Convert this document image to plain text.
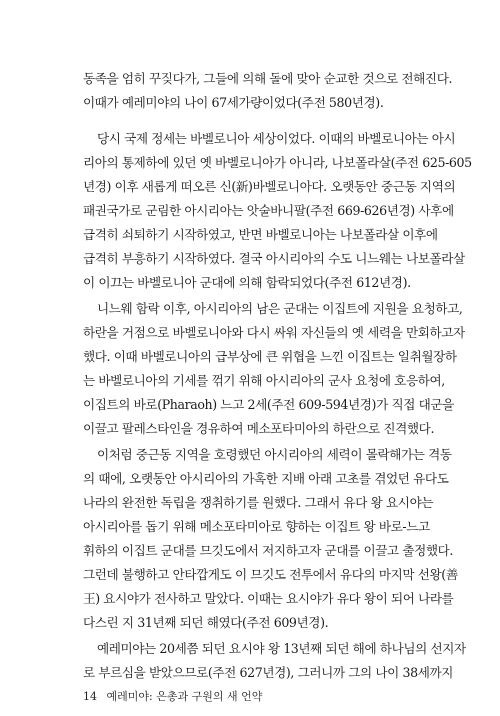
동족을 엄히 꾸짖다가, 그들에 의해 돌에 맞아 순교한 것으로 전해진다.
이때가 예레미야의 나이 67세가량이었다(주전 580년경).
당시 국제 정세는 바벨로니아 세상이었다. 이때의 바벨로니아는 아시
리아의 통제하에 있던 옛 바벨로니아가 아니라, 나보폴라살(주전 625-605
년경) 이후 새롭게 떠오른 신(新)바벨로니아다. 오랫동안 중근동 지역의
패권국가로 군림한 아시리아는 앗술바니팔(주전 669-626년경) 사후에
급격히 쇠퇴하기 시작하였고, 반면 바벨로니아는 나보폴라살 이후에
급격히 부흥하기 시작하였다. 결국 아시리아의 수도 니느웨는 나보폴라살
이 이끄는 바벨로니아 군대에 의해 함락되었다(주전 612년경).
니느웨 함락 이후, 아시리아의 남은 군대는 이집트에 지원을 요청하고,
하란을 거점으로 바벨로니아와 다시 싸워 자신들의 옛 세력을 만회하고자
했다. 이때 바벨로니아의 급부상에 큰 위협을 느낀 이집트는 일취월장하
는 바벨로니아의 기세를 꺾기 위해 아시리아의 군사 요청에 호응하여,
이집트의 바로(Pharaoh) 느고 2세(주전 609-594년경)가 직접 대군을
이끌고 팔레스타인을 경유하여 메소포타미아의 하란으로 진격했다.
이처럼 중근동 지역을 호령했던 아시리아의 세력이 몰락해가는 격동
의 때에, 오랫동안 아시리아의 가혹한 지배 아래 고초를 겪었던 유다도
나라의 완전한 독립을 쟁취하기를 원했다. 그래서 유다 왕 요시야는
아시리아를 돕기 위해 메소포타미아로 향하는 이집트 왕 바로-느고
휘하의 이집트 군대를 므깃도에서 저지하고자 군대를 이끌고 출정했다.
그런데 불행하고 안타깝게도 이 므깃도 전투에서 유다의 마지막 선왕(善
王) 요시야가 전사하고 말았다. 이때는 요시야가 유다 왕이 되어 나라를
다스린 지 31년째 되던 해였다(주전 609년경).
예레미야는 20세쯤 되던 요시야 왕 13년째 되던 해에 하나님의 선지자
로 부르심을 받았으므로(주전 627년경), 그러니까 그의 나이 38세까지
14 예레미야: 은총과 구원의 새 언약
